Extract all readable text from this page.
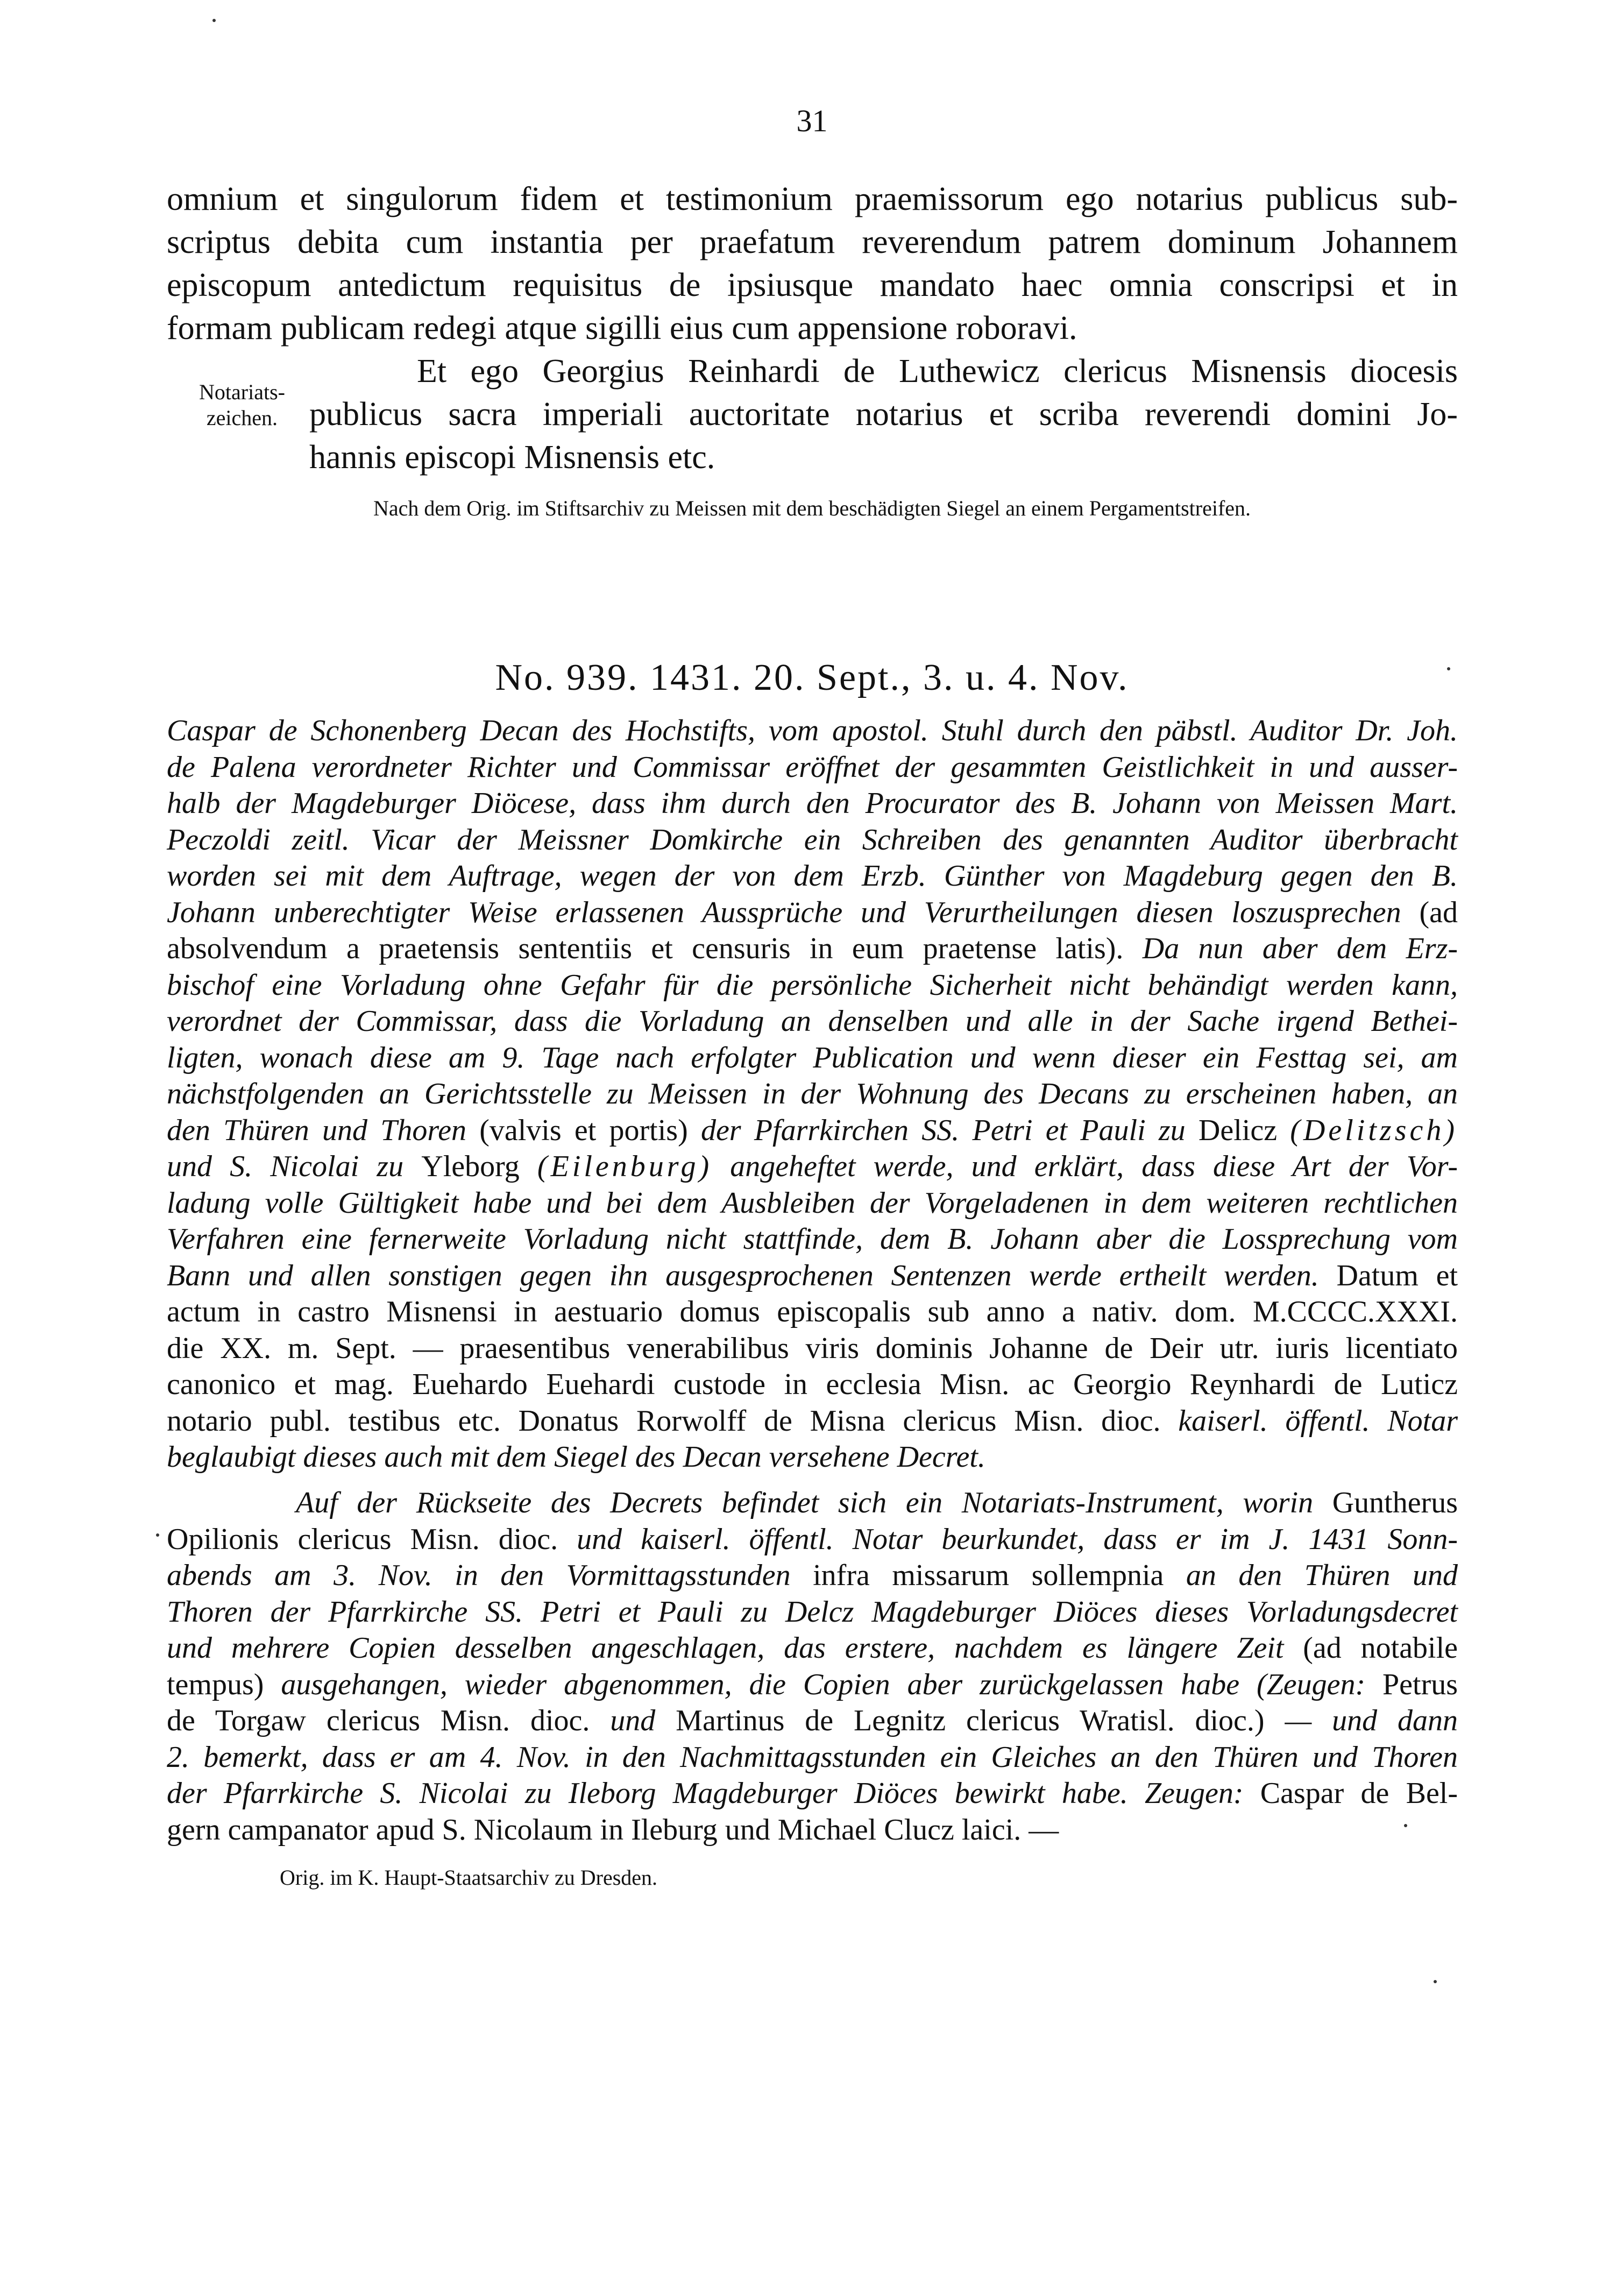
31
omnium et singulorum fidem et testimonium praemissorum ego notarius publicus sub-
scriptus debita cum instantia per praefatum reverendum patrem dominum Johannem
episcopum antedictum requisitus de ipsiusque mandato haec omnia conscripsi et in
formam publicam redegi atque sigilli eius cum appensione roboravi.
Notariats-
zeichen.
Et ego Georgius Reinhardi de Luthewicz clericus Misnensis diocesis
publicus sacra imperiali auctoritate notarius et scriba reverendi domini Jo-
hannis episcopi Misnensis etc.
Nach dem Orig. im Stiftsarchiv zu Meissen mit dem beschädigten Siegel an einem Pergamentstreifen.
No. 939. 1431. 20. Sept., 3. u. 4. Nov.
Caspar de Schonenberg Decan des Hochstifts, vom apostol. Stuhl durch den päbstl. Auditor Dr. Joh.
de Palena verordneter Richter und Commissar eröffnet der gesammten Geistlichkeit in und ausser-
halb der Magdeburger Diöcese, dass ihm durch den Procurator des B. Johann von Meissen Mart.
Peczoldi zeitl. Vicar der Meissner Domkirche ein Schreiben des genannten Auditor überbracht
worden sei mit dem Auftrage, wegen der von dem Erzb. Günther von Magdeburg gegen den B.
Johann unberechtigter Weise erlassenen Aussprüche und Verurtheilungen diesen loszusprechen (ad
absolvendum a praetensis sententiis et censuris in eum praetense latis). Da nun aber dem Erz-
bischof eine Vorladung ohne Gefahr für die persönliche Sicherheit nicht behändigt werden kann,
verordnet der Commissar, dass die Vorladung an denselben und alle in der Sache irgend Bethei-
ligten, wonach diese am 9. Tage nach erfolgter Publication und wenn dieser ein Festtag sei, am
nächstfolgenden an Gerichtsstelle zu Meissen in der Wohnung des Decans zu erscheinen haben, an
den Thüren und Thoren (valvis et portis) der Pfarrkirchen SS. Petri et Pauli zu Delicz (Delitzsch)
und S. Nicolai zu Yleborg (Eilenburg) angeheftet werde, und erklärt, dass diese Art der Vor-
ladung volle Gültigkeit habe und bei dem Ausbleiben der Vorgeladenen in dem weiteren rechtlichen
Verfahren eine fernerweite Vorladung nicht stattfinde, dem B. Johann aber die Lossprechung vom
Bann und allen sonstigen gegen ihn ausgesprochenen Sentenzen werde ertheilt werden. Datum et
actum in castro Misnensi in aestuario domus episcopalis sub anno a nativ. dom. M.CCCC.XXXI.
die XX. m. Sept. — praesentibus venerabilibus viris dominis Johanne de Deir utr. iuris licentiato
canonico et mag. Euehardo Euehardi custode in ecclesia Misn. ac Georgio Reynhardi de Luticz
notario publ. testibus etc. Donatus Rorwolff de Misna clericus Misn. dioc. kaiserl. öffentl. Notar
beglaubigt dieses auch mit dem Siegel des Decan versehene Decret.
Auf der Rückseite des Decrets befindet sich ein Notariats-Instrument, worin Guntherus
Opilionis clericus Misn. dioc. und kaiserl. öffentl. Notar beurkundet, dass er im J. 1431 Sonn-
abends am 3. Nov. in den Vormittagsstunden infra missarum sollempnia an den Thüren und
Thoren der Pfarrkirche SS. Petri et Pauli zu Delcz Magdeburger Diöces dieses Vorladungsdecret
und mehrere Copien desselben angeschlagen, das erstere, nachdem es längere Zeit (ad notabile
tempus) ausgehangen, wieder abgenommen, die Copien aber zurückgelassen habe (Zeugen: Petrus
de Torgaw clericus Misn. dioc. und Martinus de Legnitz clericus Wratisl. dioc.) — und dann
2. bemerkt, dass er am 4. Nov. in den Nachmittagsstunden ein Gleiches an den Thüren und Thoren
der Pfarrkirche S. Nicolai zu Ileborg Magdeburger Diöces bewirkt habe. Zeugen: Caspar de Bel-
gern campanator apud S. Nicolaum in Ileburg und Michael Clucz laici. —
Orig. im K. Haupt-Staatsarchiv zu Dresden.
